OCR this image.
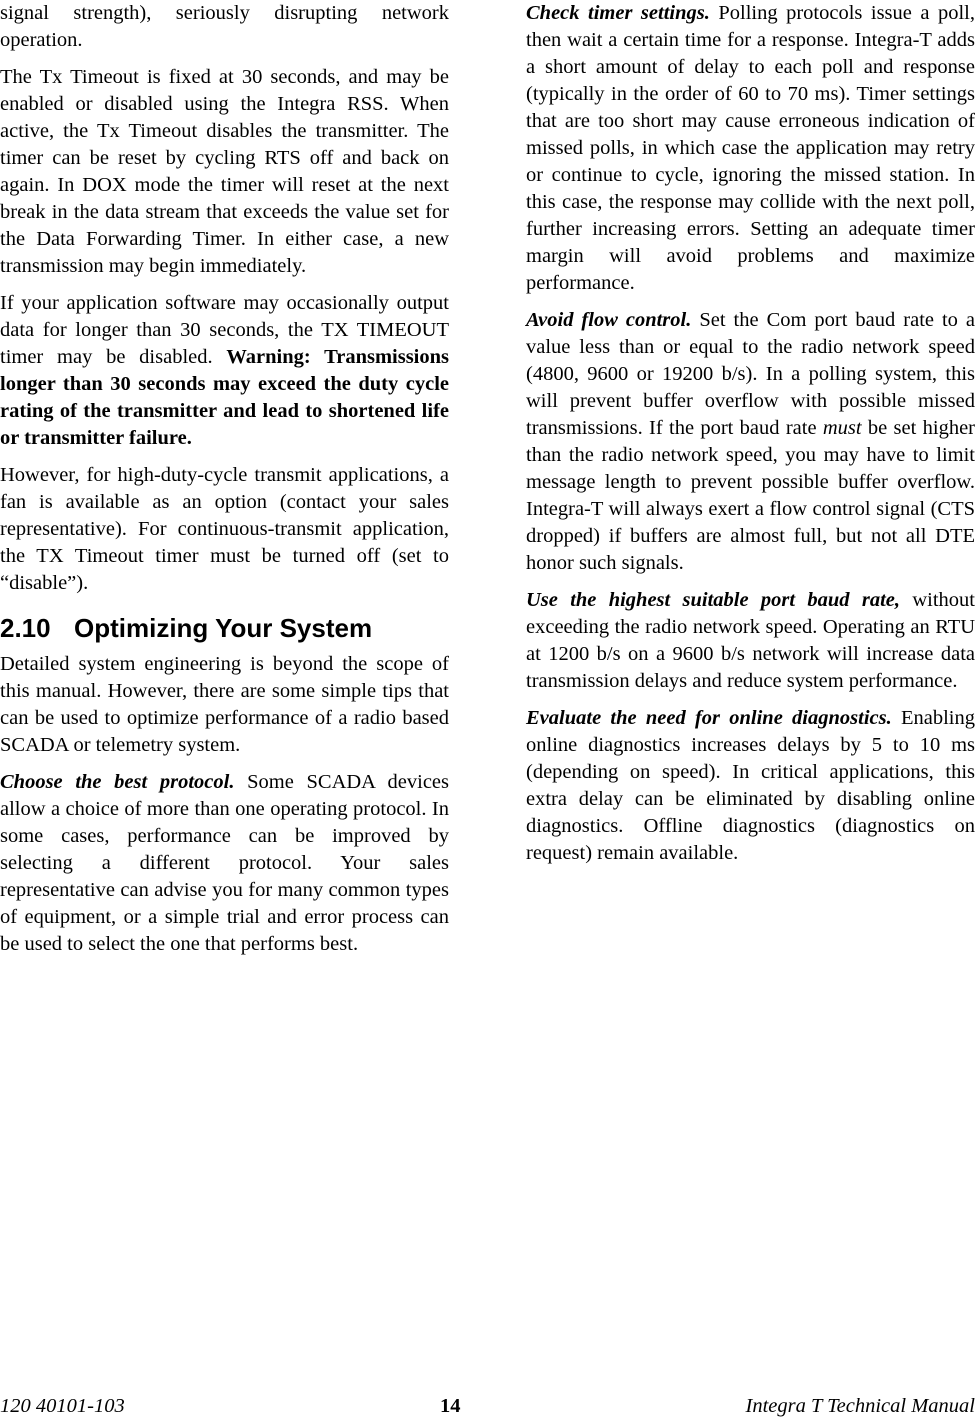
signal strength), seriously disrupting network operation.

The Tx Timeout is fixed at 30 seconds, and may be enabled or disabled using the Integra RSS. When active, the Tx Timeout disables the transmitter. The timer can be reset by cycling RTS off and back on again. In DOX mode the timer will reset at the next break in the data stream that exceeds the value set for the Data Forwarding Timer. In either case, a new transmission may begin immediately.

If your application software may occasionally output data for longer than 30 seconds, the TX TIMEOUT timer may be disabled. Warning: Transmissions longer than 30 seconds may exceed the duty cycle rating of the transmitter and lead to shortened life or transmitter failure.

However, for high-duty-cycle transmit applications, a fan is available as an option (contact your sales representative). For continuous-transmit application, the TX Timeout timer must be turned off (set to “disable”).

2.10 Optimizing Your System

Detailed system engineering is beyond the scope of this manual. However, there are some simple tips that can be used to optimize performance of a radio based SCADA or telemetry system.

Choose the best protocol. Some SCADA devices allow a choice of more than one operating protocol. In some cases, performance can be improved by selecting a different protocol. Your sales representative can advise you for many common types of equipment, or a simple trial and error process can be used to select the one that performs best.

Check timer settings. Polling protocols issue a poll, then wait a certain time for a response. Integra-T adds a short amount of delay to each poll and response (typically in the order of 60 to 70 ms). Timer settings that are too short may cause erroneous indication of missed polls, in which case the application may retry or continue to cycle, ignoring the missed station. In this case, the response may collide with the next poll, further increasing errors. Setting an adequate timer margin will avoid problems and maximize performance.

Avoid flow control. Set the Com port baud rate to a value less than or equal to the radio network speed (4800, 9600 or 19200 b/s). In a polling system, this will prevent buffer overflow with possible missed transmissions. If the port baud rate must be set higher than the radio network speed, you may have to limit message length to prevent possible buffer overflow. Integra-T will always exert a flow control signal (CTS dropped) if buffers are almost full, but not all DTE honor such signals.

Use the highest suitable port baud rate, without exceeding the radio network speed. Operating an RTU at 1200 b/s on a 9600 b/s network will increase data transmission delays and reduce system performance.

Evaluate the need for online diagnostics. Enabling online diagnostics increases delays by 5 to 10 ms (depending on speed). In critical applications, this extra delay can be eliminated by disabling online diagnostics. Offline diagnostics (diagnostics on request) remain available.

120 40101-103	14	Integra T Technical Manual
